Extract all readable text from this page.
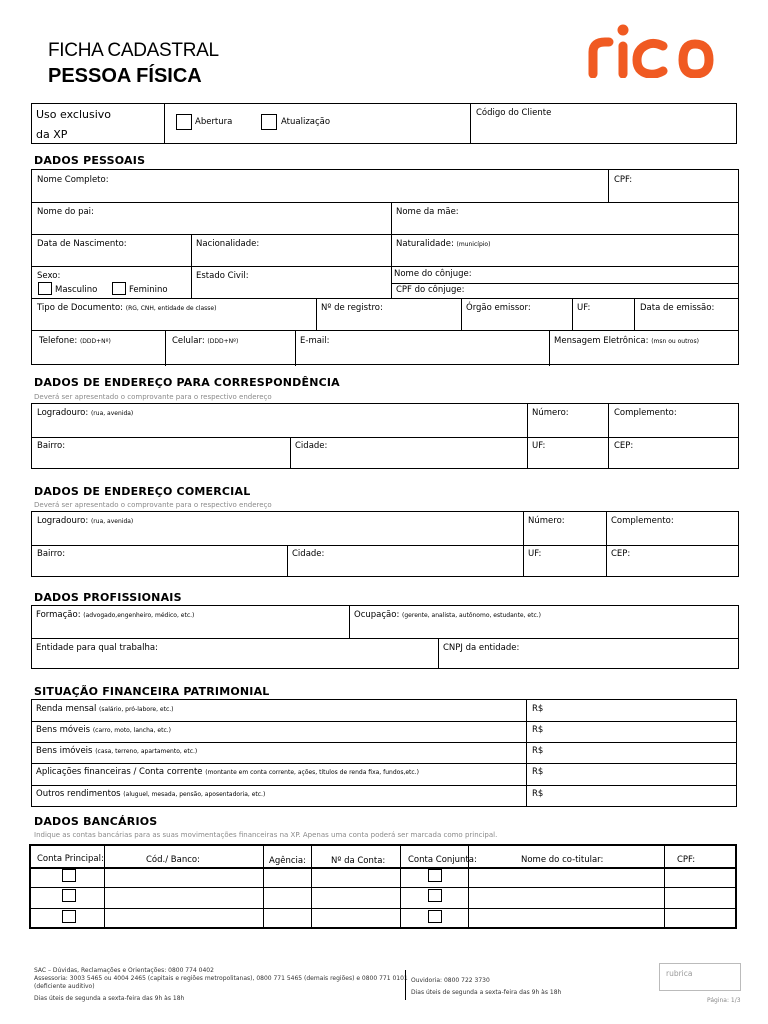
FICHA CADASTRAL
PESSOA FÍSICA
rico
Uso exclusivo
da XP
Abertura	Atualização
Código do Cliente
DADOS PESSOAIS
Nome Completo:	CPF:
Nome do pai:	Nome da mãe:
Data de Nascimento:	Nacionalidade:	Naturalidade: (município)
Sexo:
Masculino	Feminino
Estado Civil:	Nome do cônjuge:
CPF do cônjuge:
Tipo de Documento: (RG, CNH, entidade de classe)	Nº de registro:	Órgão emissor:	UF:	Data de emissão:
Telefone: (DDD+Nº)	Celular: (DDD+Nº)	E-mail:	Mensagem Eletrônica: (msn ou outros)
DADOS DE ENDEREÇO PARA CORRESPONDÊNCIA
Deverá ser apresentado o comprovante para o respectivo endereço
Logradouro: (rua, avenida)	Número:	Complemento:
Bairro:	Cidade:	UF:	CEP:
DADOS DE ENDEREÇO COMERCIAL
Deverá ser apresentado o comprovante para o respectivo endereço
Logradouro: (rua, avenida)	Número:	Complemento:
Bairro:	Cidade:	UF:	CEP:
DADOS PROFISSIONAIS
Formação: (advogado,engenheiro, médico, etc.)	Ocupação: (gerente, analista, autônomo, estudante, etc.)
Entidade para qual trabalha:	CNPJ da entidade:
SITUAÇÃO FINANCEIRA PATRIMONIAL
Renda mensal (salário, pró-labore, etc.)	R$
Bens móveis (carro, moto, lancha, etc.)	R$
Bens imóveis (casa, terreno, apartamento, etc.)	R$
Aplicações financeiras / Conta corrente (montante em conta corrente, ações, títulos de renda fixa, fundos,etc.)	R$
Outros rendimentos (aluguel, mesada, pensão, aposentadoria, etc.)	R$
DADOS BANCÁRIOS
Indique as contas bancárias para as suas movimentações financeiras na XP. Apenas uma conta poderá ser marcada como principal.
Conta Principal:	Cód./ Banco:	Agência:	Nº da Conta:	Conta Conjunta:	Nome do co-titular:	CPF:
SAC – Dúvidas, Reclamações e Orientações: 0800 774 0402
Assessoria: 3003 5465 ou 4004 2465 (capitais e regiões metropolitanas), 0800 771 5465 (demais regiões) e 0800 771 0101
(deficiente auditivo)
Dias úteis de segunda a sexta-feira das 9h às 18h
Ouvidoria: 0800 722 3730
Dias úteis de segunda a sexta-feira das 9h às 18h
rubrica
Página: 1/3
